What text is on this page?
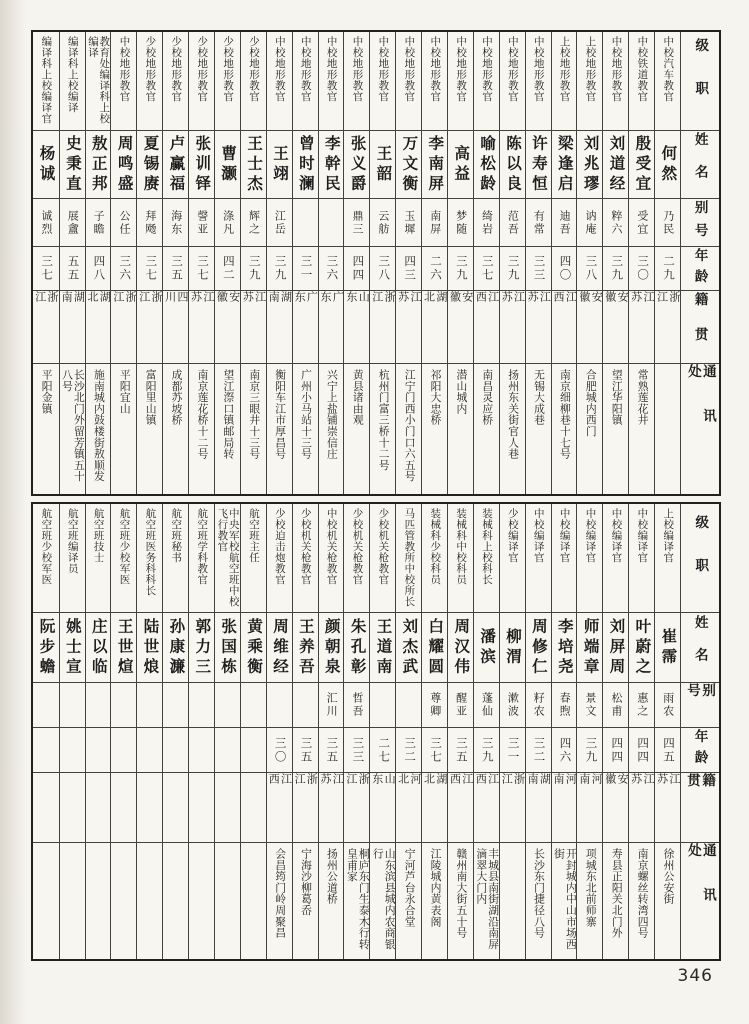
级职
姓名
别号
年龄
籍贯
通讯处
中校汽车教官
何然
乃民
二九
浙江
中校铁道教官
殷受宜
受宜
三〇
江苏
常熟莲花井
中校地形教官
刘道经
粹六
三九
安徽
望江华阳镇
上校地形教官
刘兆璆
讷庵
三八
安徽
合肥城内西门
上校地形教官
梁逢启
迪吾
四〇
江西
南京细柳巷十七号
中校地形教官
许寿恒
有常
三三
江苏
无锡大成巷
中校地形教官
陈以良
范吾
三九
江苏
扬州东关街官人巷
中校地形教官
喻松龄
绮岩
三七
江西
南昌灵应桥
中校地形教官
高益
梦随
三九
安徽
潜山城内
中校地形教官
李南屏
南屏
二六
湖北
祁阳大忠桥
中校地形教官
万文衡
玉墀
四三
江苏
江宁门西小门口六五号
中校地形教官
王韶
云舫
三八
浙江
杭州门富三桥十二号
中校地形教官
张义爵
鼎三
四四
山东
黄县诸由观
中校地形教官
李幹民
三六
广东
兴宁上盐铺崇信庄
中校地形教官
曾时澜
三一
广东
广州小马站十三号
中校地形教官
王翊
江岳
三九
湖南
衡阳车江市厚昌号
少校地形教官
王士杰
辉之
三九
江苏
南京三眼井十三号
少校地形教官
曹灏
涤凡
四二
安徽
望江漈口镇邮局转
少校地形教官
张训铎
謦亚
三七
江苏
南京莲花桥十二号
少校地形教官
卢赢福
海东
三五
四川
成都苏坡桥
少校地形教官
夏锡赓
拜飏
三七
浙江
富阳里山镇
中校地形教官
周鸣盛
公任
三六
浙江
平阳宜山
教育处编译科上校编译
敖正邦
子瞻
四八
湖北
施南城内鼓楼街敖顺发
编译科上校编译
史秉直
展盦
五五
湖南
长沙北门外留芳镇五十八号
编译科上校编译官
杨诚
诚烈
三七
浙江
平阳金镇
级职
姓名
别号
年龄
籍贯
通讯处
上校编译官
崔霈
雨农
四五
江苏
徐州公安街
中校编译官
叶蔚之
惠之
四四
江苏
南京螺丝转湾四号
中校编译官
刘屏周
松甫
四四
安徽
寿县正阳关北门外
中校编译官
师端章
景文
三九
河南
项城东北前师寨
中校编译官
李培尧
春煦
四六
河南
开封城内中山市场西街
中校编译官
周修仁
籽农
三二
湖南
长沙东门捷径八号
少校编译官
柳渭
漱波
三一
浙江
装械科上校科长
潘滨
蓬仙
三九
江西
丰城县南街湖沿南屏滴翠大门内
装械科中校科员
周汉伟
醒亚
三五
江西
赣州南大街五十号
装械科少校科员
白耀圆
尊卿
三七
湖北
江陵城内黄表阁
马匹管教所中校所长
刘杰武
三二
河北
宁河芦台永合堂
少校机关枪教官
王道南
二七
山东
山东滨县城内农商银行
少校机关枪教官
朱孔彰
哲吾
三三
浙江
桐庐东门生泰木行转皇甫家
中校机关枪教官
颜朝泉
汇川
三五
江苏
扬州公道桥
少校机关枪教官
王养吾
三五
浙江
宁海沙柳葛岙
少校迫击炮教官
周维经
三〇
江西
会昌筠门岭周聚昌
航空班主任
黄乘衡
中央军校航空班中校飞行教官
张国栋
航空班学科教官
郭力三
航空班秘书
孙康濂
航空班医务科科长
陆世烺
航空班少校军医
王世煊
航空班技士
庄以临
航空班编译员
姚士宣
航空班少校军医
阮步蟾
346
